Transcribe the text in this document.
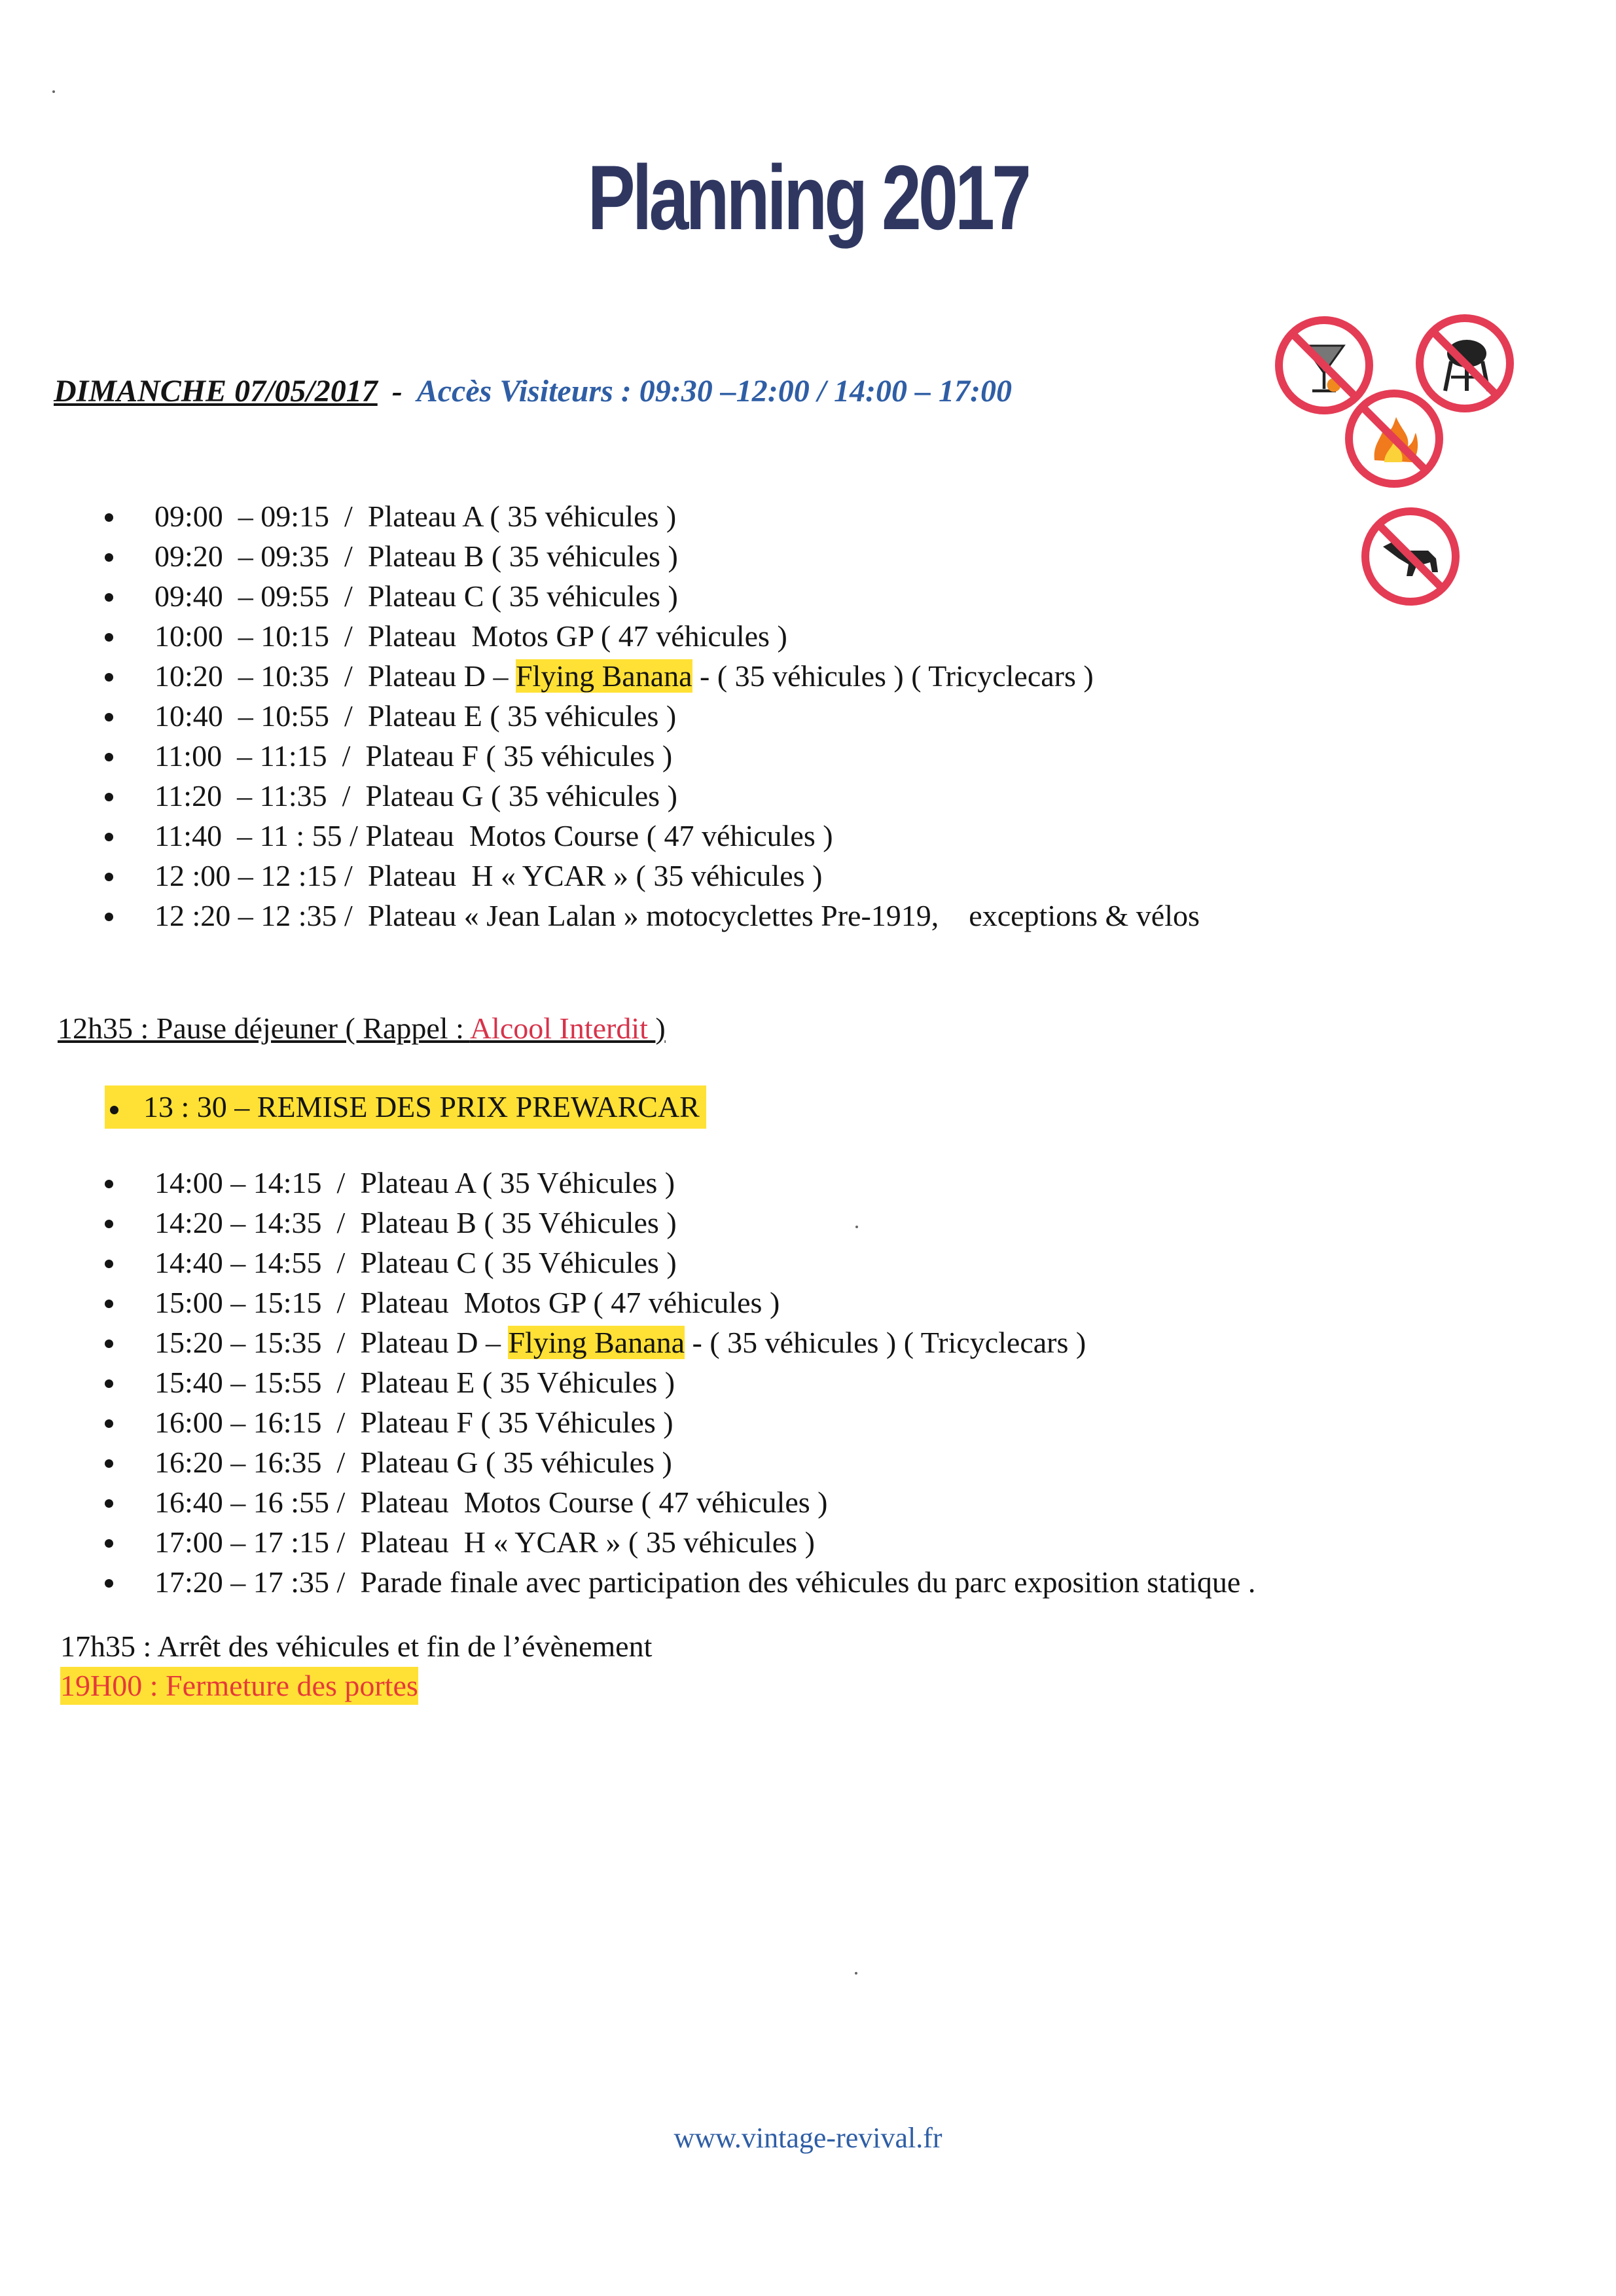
Planning 2017
DIMANCHE 07/05/2017 - Accès Visiteurs : 09:30 –12:00 / 14:00 – 17:00
09:00  – 09:15  /  Plateau A ( 35 véhicules )
09:20  – 09:35  /  Plateau B ( 35 véhicules )
09:40  – 09:55  /  Plateau C ( 35 véhicules )
10:00  – 10:15  /  Plateau  Motos GP ( 47 véhicules )
10:20  – 10:35  /  Plateau D – Flying Banana - ( 35 véhicules ) ( Tricyclecars )
10:40  – 10:55  /  Plateau E ( 35 véhicules )
11:00  – 11:15  /  Plateau F ( 35 véhicules )
11:20  – 11:35  /  Plateau G ( 35 véhicules )
11:40  – 11 : 55 / Plateau  Motos Course ( 47 véhicules )
12 :00 – 12 :15 /  Plateau  H « YCAR » ( 35 véhicules )
12 :20 – 12 :35 /  Plateau « Jean Lalan » motocyclettes Pre-1919,    exceptions & vélos
12h35 : Pause déjeuner ( Rappel : Alcool Interdit )
13 : 30 – REMISE DES PRIX PREWARCAR
14:00 – 14:15  /  Plateau A ( 35 Véhicules )
14:20 – 14:35  /  Plateau B ( 35 Véhicules )
14:40 – 14:55  /  Plateau C ( 35 Véhicules )
15:00 – 15:15  /  Plateau  Motos GP ( 47 véhicules )
15:20 – 15:35  /  Plateau D – Flying Banana - ( 35 véhicules ) ( Tricyclecars )
15:40 – 15:55  /  Plateau E ( 35 Véhicules )
16:00 – 16:15  /  Plateau F ( 35 Véhicules )
16:20 – 16:35  /  Plateau G ( 35 véhicules )
16:40 – 16 :55 /  Plateau  Motos Course ( 47 véhicules )
17:00 – 17 :15 /  Plateau  H « YCAR » ( 35 véhicules )
17:20 – 17 :35 /  Parade finale avec participation des véhicules du parc exposition statique .
17h35 : Arrêt des véhicules et fin de l’évènement
19H00 : Fermeture des portes
www.vintage-revival.fr
